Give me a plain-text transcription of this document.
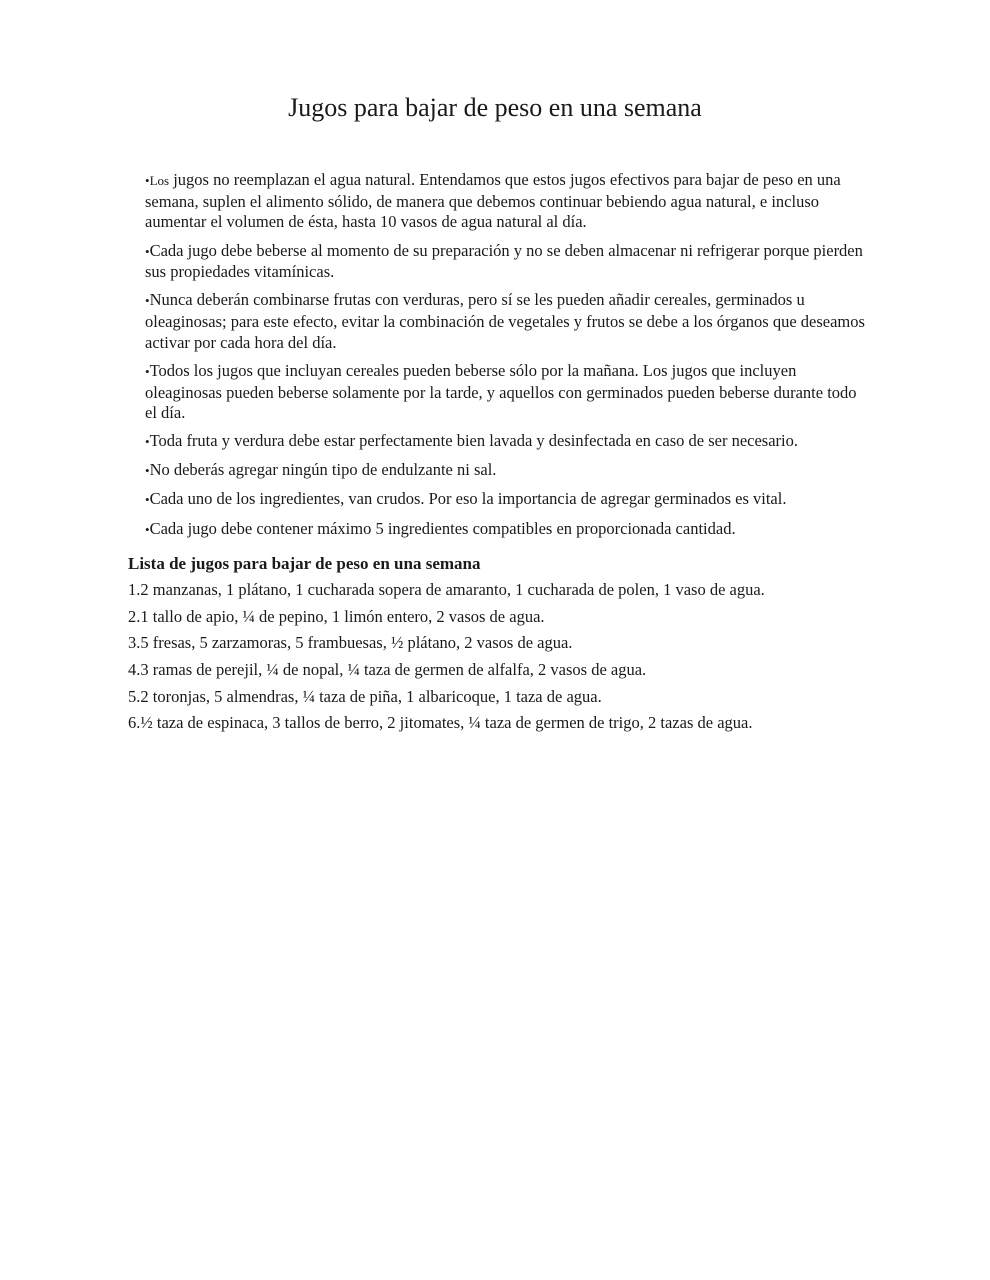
Jugos para bajar de peso en una semana
•Los jugos no reemplazan el agua natural. Entendamos que estos jugos efectivos para bajar de peso en una semana, suplen el alimento sólido, de manera que debemos continuar bebiendo agua natural, e incluso aumentar el volumen de ésta, hasta 10 vasos de agua natural al día.
•Cada jugo debe beberse al momento de su preparación y no se deben almacenar ni refrigerar porque pierden sus propiedades vitamínicas.
•Nunca deberán combinarse frutas con verduras, pero sí se les pueden añadir cereales, germinados u oleaginosas; para este efecto, evitar la combinación de vegetales y frutos se debe a los órganos que deseamos activar por cada hora del día.
•Todos los jugos que incluyan cereales pueden beberse sólo por la mañana. Los jugos que incluyen oleaginosas pueden beberse solamente por la tarde, y aquellos con germinados pueden beberse durante todo el día.
•Toda fruta y verdura debe estar perfectamente bien lavada y desinfectada en caso de ser necesario.
•No deberás agregar ningún tipo de endulzante ni sal.
•Cada uno de los ingredientes, van crudos. Por eso la importancia de agregar germinados es vital.
•Cada jugo debe contener máximo 5 ingredientes compatibles en proporcionada cantidad.
Lista de jugos para bajar de peso en una semana
1.2 manzanas, 1 plátano, 1 cucharada sopera de amaranto, 1 cucharada de polen, 1 vaso de agua.
2.1 tallo de apio, ¼ de pepino, 1 limón entero, 2 vasos de agua.
3.5 fresas, 5 zarzamoras, 5 frambuesas, ½ plátano, 2 vasos de agua.
4.3 ramas de perejil, ¼ de nopal, ¼ taza de germen de alfalfa, 2 vasos de agua.
5.2 toronjas, 5 almendras, ¼ taza de piña, 1 albaricoque, 1 taza de agua.
6.½ taza de espinaca, 3 tallos de berro, 2 jitomates, ¼ taza de germen de trigo, 2 tazas de agua.
